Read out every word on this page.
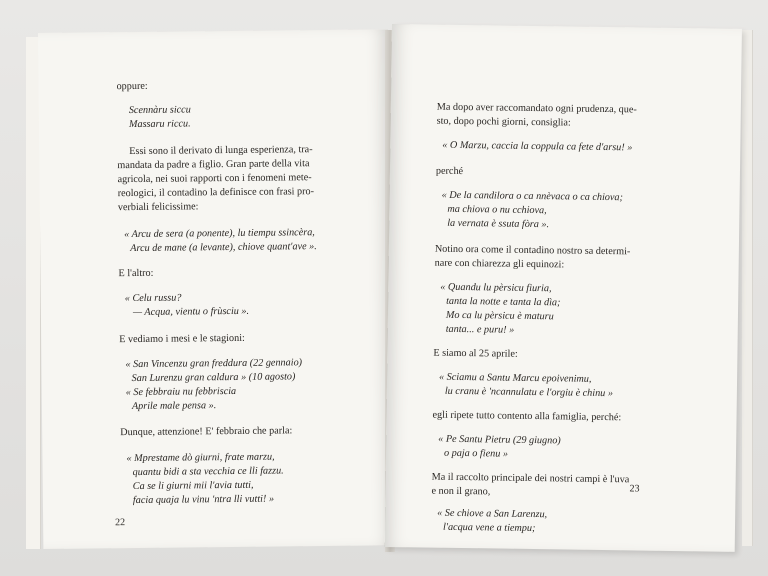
oppure:
Scennàru siccu
Massaru riccu.
Essi sono il derivato di lunga esperienza, tra-
mandata da padre a figlio. Gran parte della vita
agricola, nei suoi rapporti con i fenomeni mete-
reologici, il contadino la definisce con frasi pro-
verbiali felicissime:
« Arcu de sera (a ponente), lu tiempu ssincèra,
Arcu de mane (a levante), chiove quant'ave ».
E l'altro:
« Celu russu?
— Acqua, vientu o frùsciu ».
E vediamo i mesi e le stagioni:
« San Vincenzu gran freddura (22 gennaio)
San Lurenzu gran caldura » (10 agosto)
« Se febbraiu nu febbriscia
Aprile male pensa ».
Dunque, attenzione! E' febbraio che parla:
« Mprestame dò giurni, frate marzu,
quantu bidi a sta vecchia ce lli fazzu.
Ca se li giurni mii l'avia tutti,
facia quaja lu vinu 'ntra lli vutti! »
22
Ma dopo aver raccomandato ogni prudenza, que-
sto, dopo pochi giorni, consiglia:
« O Marzu, caccia la coppula ca fete d'arsu! »
perché
« De la candilora o ca nnèvaca o ca chiova;
ma chiova o nu cchiova,
la vernata è ssuta fòra ».
Notino ora come il contadino nostro sa determi-
nare con chiarezza gli equinozi:
« Quandu lu pèrsicu fiuria,
tanta la notte e tanta la dìa;
Mo ca lu pèrsicu è maturu
tanta... e puru! »
E siamo al 25 aprile:
« Sciamu a Santu Marcu epoivenimu,
lu cranu è 'ncannulatu e l'orgiu è chinu »
egli ripete tutto contento alla famiglia, perché:
« Pe Santu Pietru (29 giugno)
o paja o fienu »
Ma il raccolto principale dei nostri campi è l'uva
e non il grano,
« Se chiove a San Larenzu,
l'acqua vene a tiempu;
23
